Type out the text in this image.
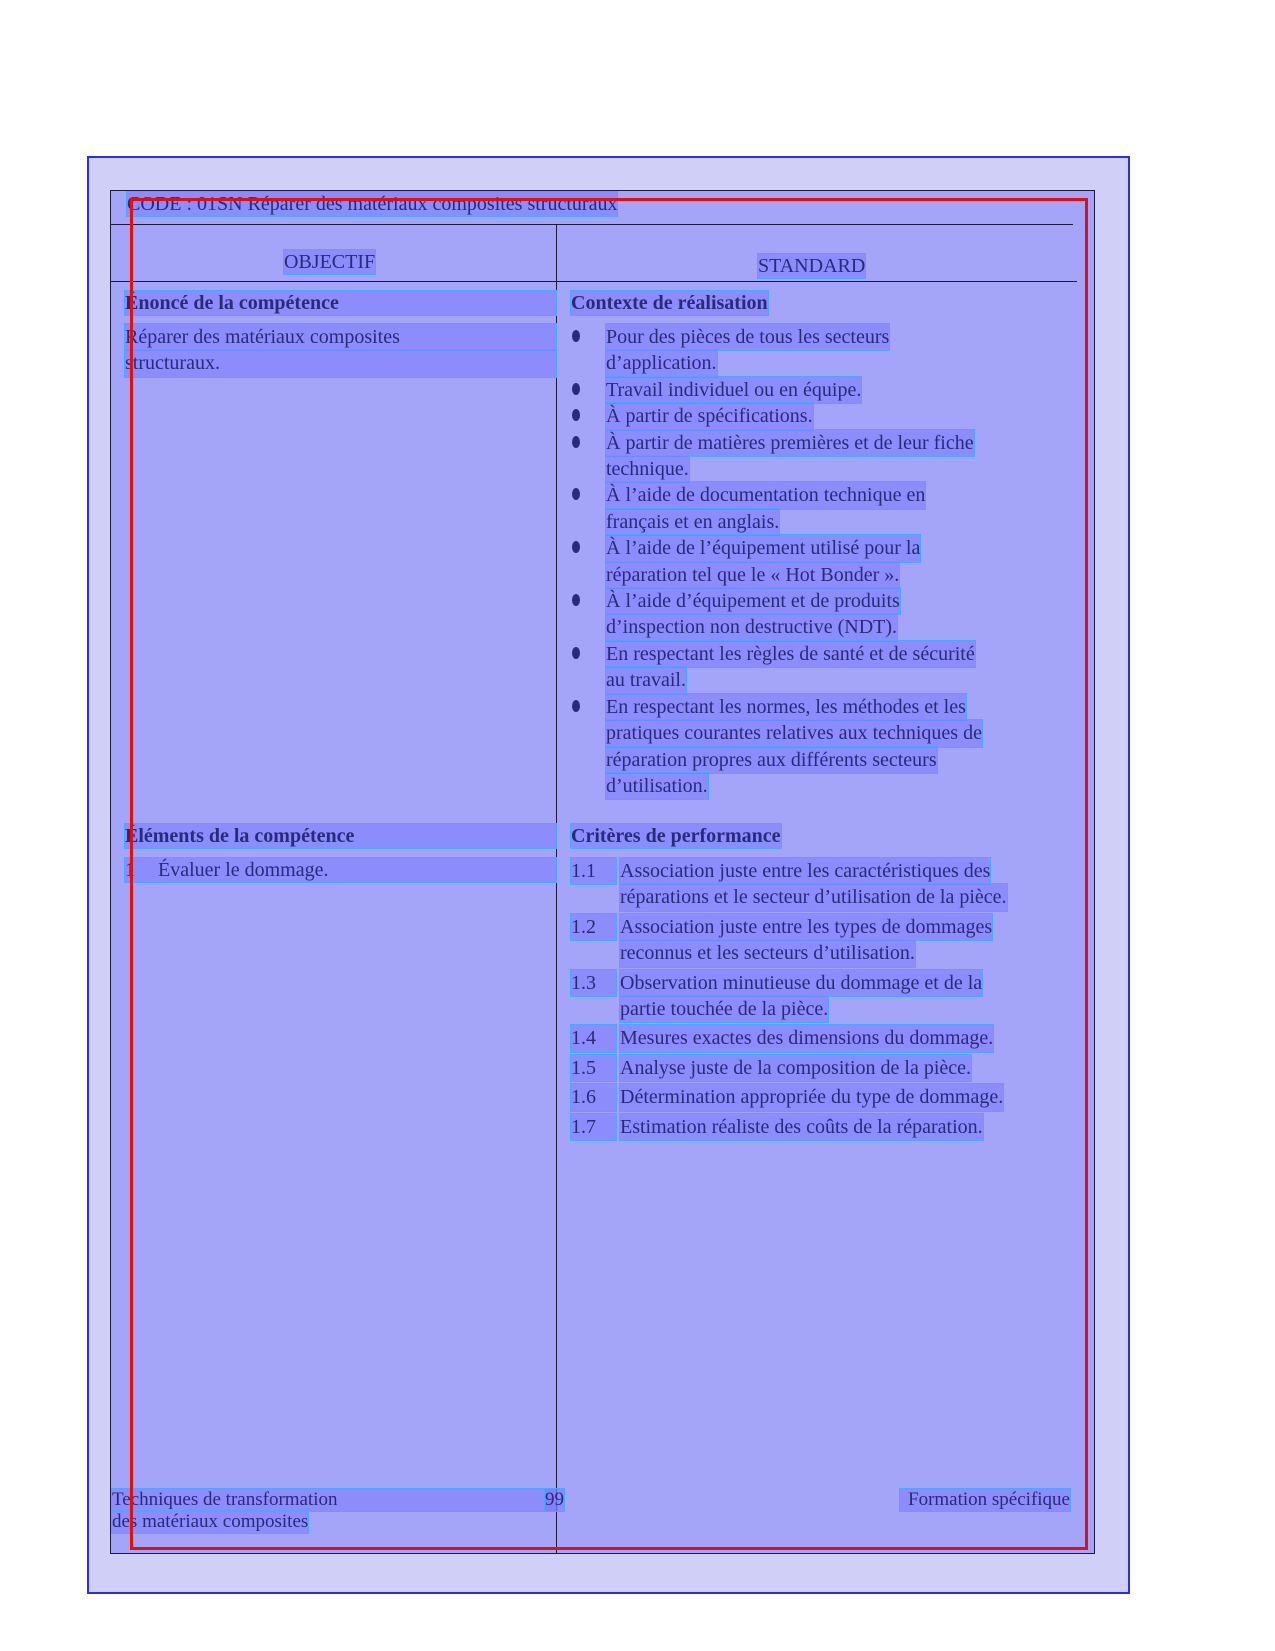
CODE : 01SN Réparer des matériaux composites structuraux
OBJECTIF	STANDARD
Énoncé de la compétence
Réparer des matériaux composites
structuraux.
Contexte de réalisation
Pour des pièces de tous les secteurs
d’application.

Travail individuel ou en équipe.

À partir de spécifications.

À partir de matières premières et de leur fiche
technique.

À l’aide de documentation technique en
français et en anglais.

À l’aide de l’équipement utilisé pour la
réparation tel que le « Hot Bonder ».

À l’aide d’équipement et de produits
d’inspection non destructive (NDT).

En respectant les règles de santé et de sécurité
au travail.

En respectant les normes, les méthodes et les
pratiques courantes relatives aux techniques de
réparation propres aux différents secteurs
d’utilisation.

Éléments de la compétence
1 Évaluer le dommage.
Critères de performance
1.1	Association juste entre les caractéristiques des
réparations et le secteur d’utilisation de la pièce.

1.2	Association juste entre les types de dommages
reconnus et les secteurs d’utilisation.

1.3	Observation minutieuse du dommage et de la
partie touchée de la pièce.

1.4	Mesures exactes des dimensions du dommage.

1.5	Analyse juste de la composition de la pièce.

1.6	Détermination appropriée du type de dommage.

1.7	Estimation réaliste des coûts de la réparation.

Techniques de transformation
des matériaux composites
99	Formation spécifique
